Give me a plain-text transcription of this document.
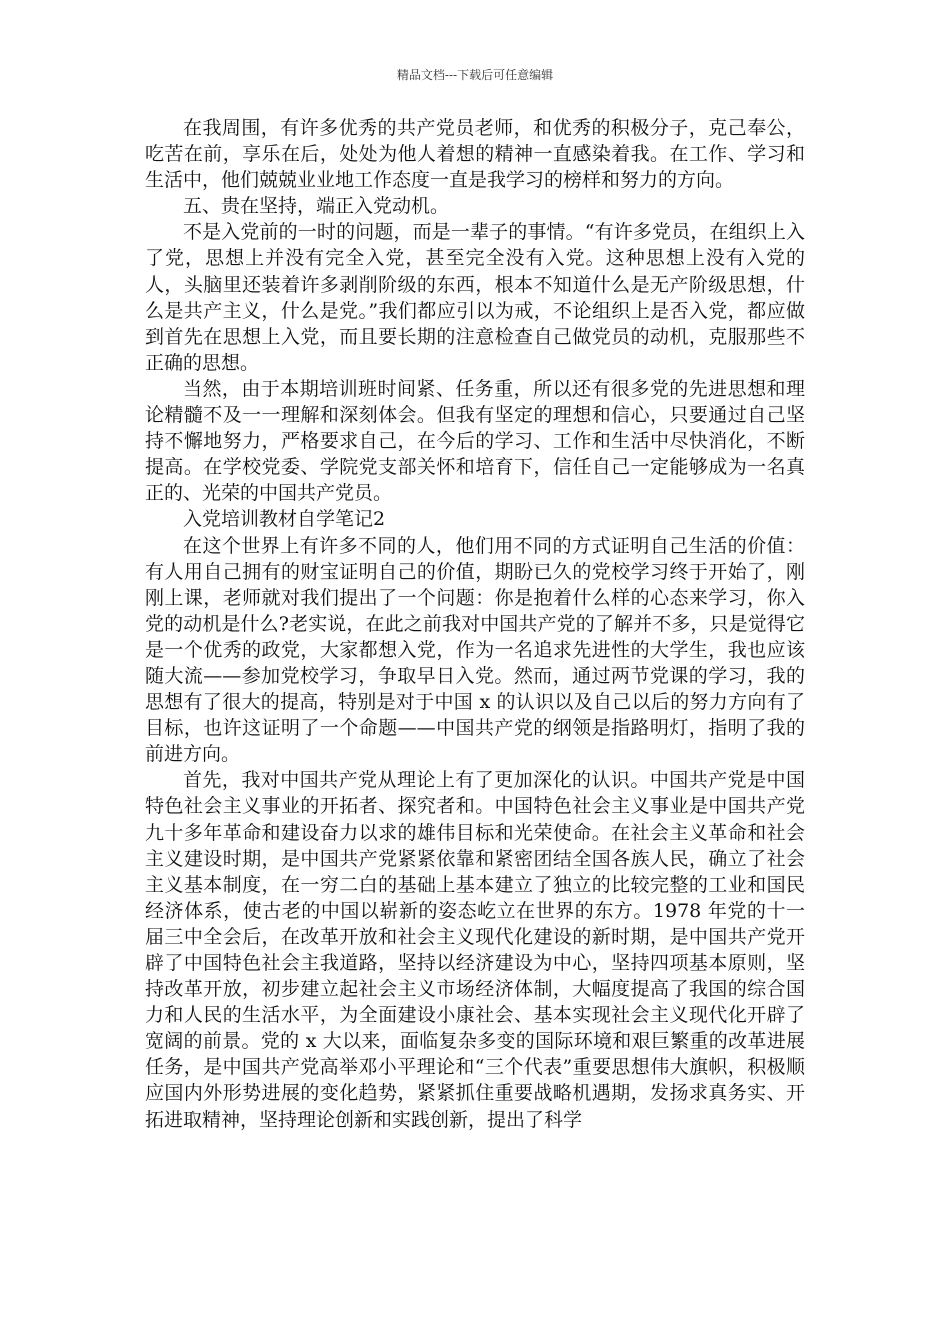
精品文档---下载后可任意编辑

在我周围，有许多优秀的共产党员老师，和优秀的积极分子，克己奉公，吃苦在前，享乐在后，处处为他人着想的精神一直感染着我。在工作、学习和生活中，他们兢兢业业地工作态度一直是我学习的榜样和努力的方向。

五、贵在坚持，端正入党动机。

不是入党前的一时的问题，而是一辈子的事情。“有许多党员，在组织上入了党，思想上并没有完全入党，甚至完全没有入党。这种思想上没有入党的人，头脑里还装着许多剥削阶级的东西，根本不知道什么是无产阶级思想，什么是共产主义，什么是党。”我们都应引以为戒，不论组织上是否入党，都应做到首先在思想上入党，而且要长期的注意检查自己做党员的动机，克服那些不正确的思想。

当然，由于本期培训班时间紧、任务重，所以还有很多党的先进思想和理论精髓不及一一理解和深刻体会。但我有坚定的理想和信心，只要通过自己坚持不懈地努力，严格要求自己，在今后的学习、工作和生活中尽快消化，不断提高。在学校党委、学院党支部关怀和培育下，信任自己一定能够成为一名真正的、光荣的中国共产党员。

入党培训教材自学笔记2

在这个世界上有许多不同的人，他们用不同的方式证明自己生活的价值：有人用自己拥有的财宝证明自己的价值，期盼已久的党校学习终于开始了，刚刚上课，老师就对我们提出了一个问题：你是抱着什么样的心态来学习，你入党的动机是什么?老实说，在此之前我对中国共产党的了解并不多，只是觉得它是一个优秀的政党，大家都想入党，作为一名追求先进性的大学生，我也应该随大流——参加党校学习，争取早日入党。然而，通过两节党课的学习，我的思想有了很大的提高，特别是对于中国 x 的认识以及自己以后的努力方向有了目标，也许这证明了一个命题——中国共产党的纲领是指路明灯，指明了我的前进方向。

首先，我对中国共产党从理论上有了更加深化的认识。中国共产党是中国特色社会主义事业的开拓者、探究者和。中国特色社会主义事业是中国共产党九十多年革命和建设奋力以求的雄伟目标和光荣使命。在社会主义革命和社会主义建设时期，是中国共产党紧紧依靠和紧密团结全国各族人民，确立了社会主义基本制度，在一穷二白的基础上基本建立了独立的比较完整的工业和国民经济体系，使古老的中国以崭新的姿态屹立在世界的东方。1978 年党的十一届三中全会后，在改革开放和社会主义现代化建设的新时期，是中国共产党开辟了中国特色社会主我道路，坚持以经济建设为中心，坚持四项基本原则，坚持改革开放，初步建立起社会主义市场经济体制，大幅度提高了我国的综合国力和人民的生活水平，为全面建设小康社会、基本实现社会主义现代化开辟了宽阔的前景。党的 x 大以来，面临复杂多变的国际环境和艰巨繁重的改革进展任务，是中国共产党高举邓小平理论和“三个代表”重要思想伟大旗帜，积极顺应国内外形势进展的变化趋势，紧紧抓住重要战略机遇期，发扬求真务实、开拓进取精神，坚持理论创新和实践创新，提出了科学
